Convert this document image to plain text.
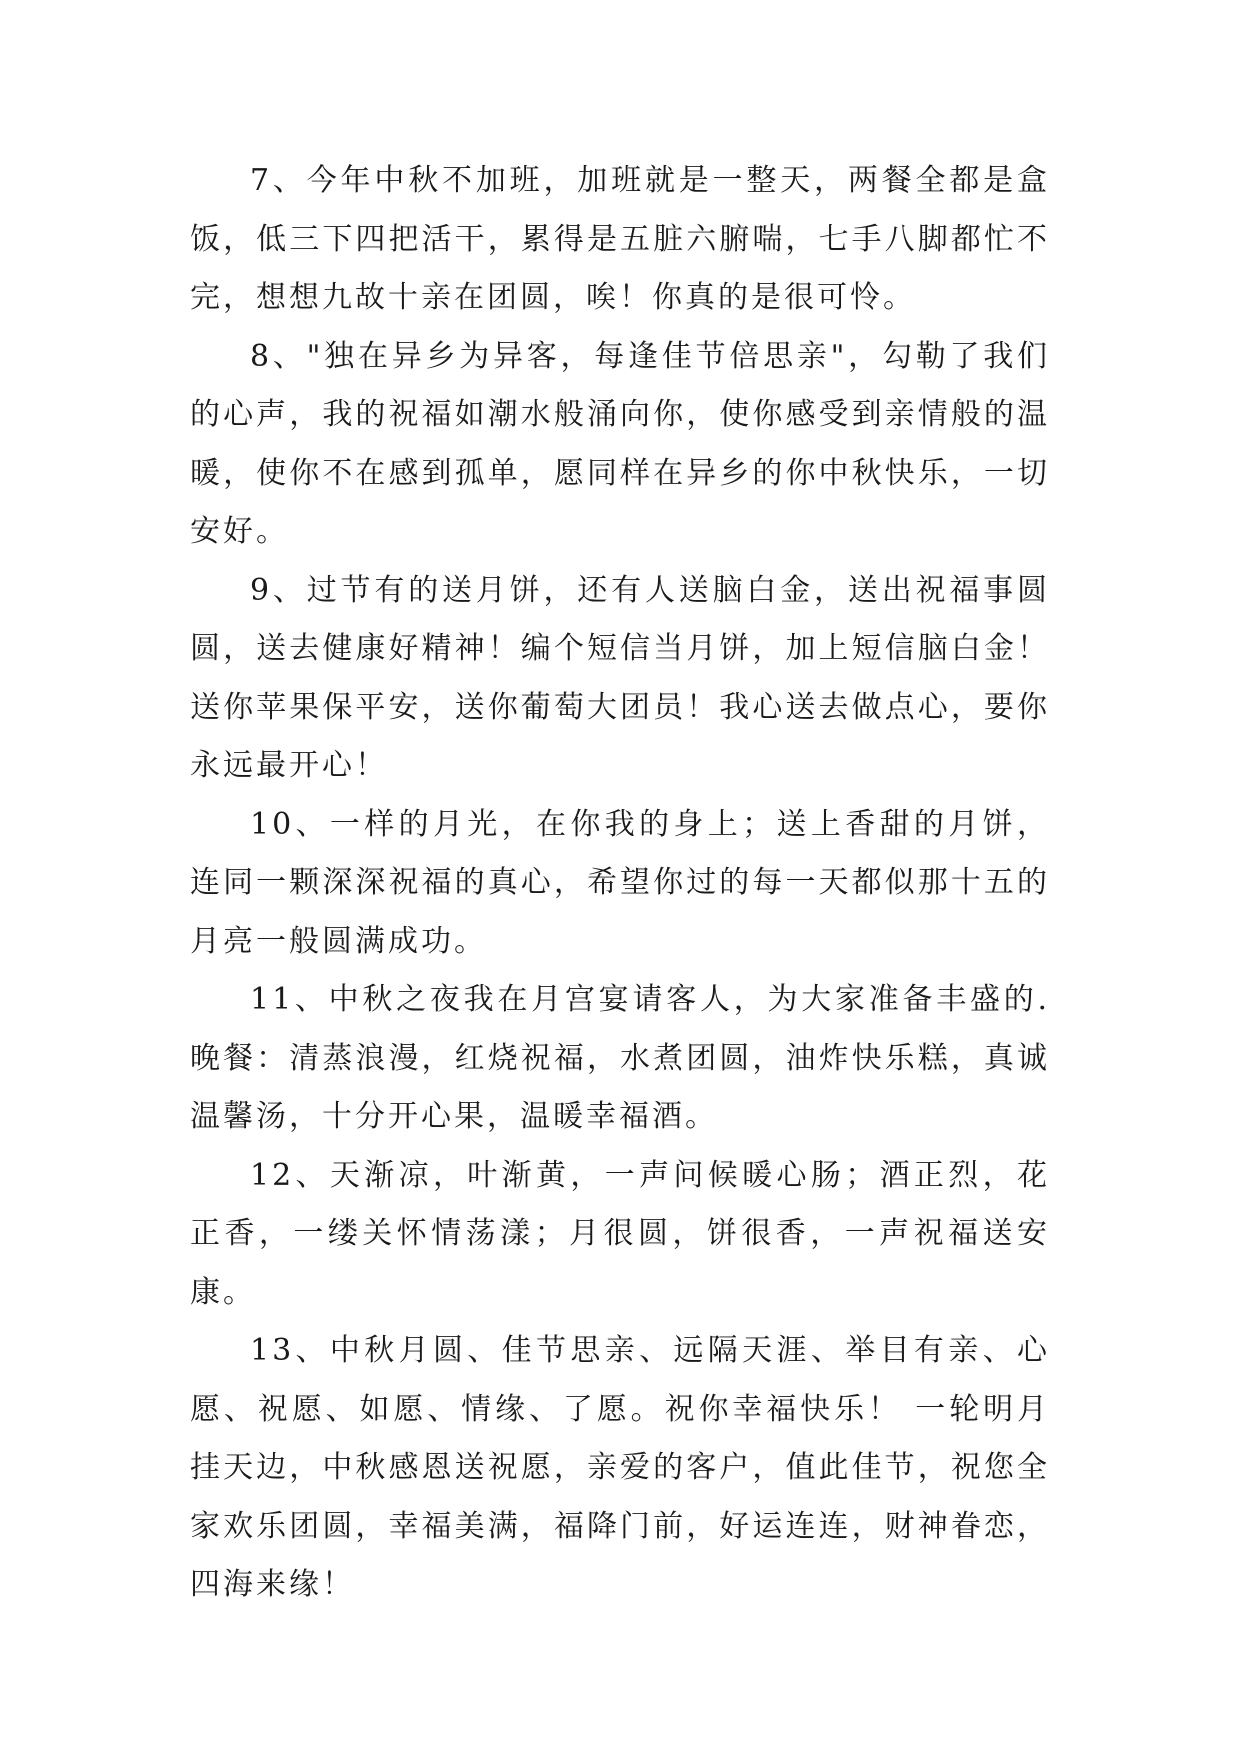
7、今年中秋不加班，加班就是一整天，两餐全都是盒饭，低三下四把活干，累得是五脏六腑喘，七手八脚都忙不完，想想九故十亲在团圆，唉！你真的是很可怜。

8、"独在异乡为异客，每逢佳节倍思亲"，勾勒了我们的心声，我的祝福如潮水般涌向你，使你感受到亲情般的温暖，使你不在感到孤单，愿同样在异乡的你中秋快乐，一切安好。

9、过节有的送月饼，还有人送脑白金，送出祝福事圆圆，送去健康好精神！编个短信当月饼，加上短信脑白金！送你苹果保平安，送你葡萄大团员！我心送去做点心，要你永远最开心！

10、一样的月光，在你我的身上；送上香甜的月饼，连同一颗深深祝福的真心，希望你过的每一天都似那十五的月亮一般圆满成功。

11、中秋之夜我在月宫宴请客人，为大家准备丰盛的.晚餐：清蒸浪漫，红烧祝福，水煮团圆，油炸快乐糕，真诚温馨汤，十分开心果，温暖幸福酒。

12、天渐凉，叶渐黄，一声问候暖心肠；酒正烈，花正香，一缕关怀情荡漾；月很圆，饼很香，一声祝福送安康。

13、中秋月圆、佳节思亲、远隔天涯、举目有亲、心愿、祝愿、如愿、情缘、了愿。祝你幸福快乐！ 一轮明月挂天边，中秋感恩送祝愿，亲爱的客户，值此佳节，祝您全家欢乐团圆，幸福美满，福降门前，好运连连，财神眷恋，四海来缘！
